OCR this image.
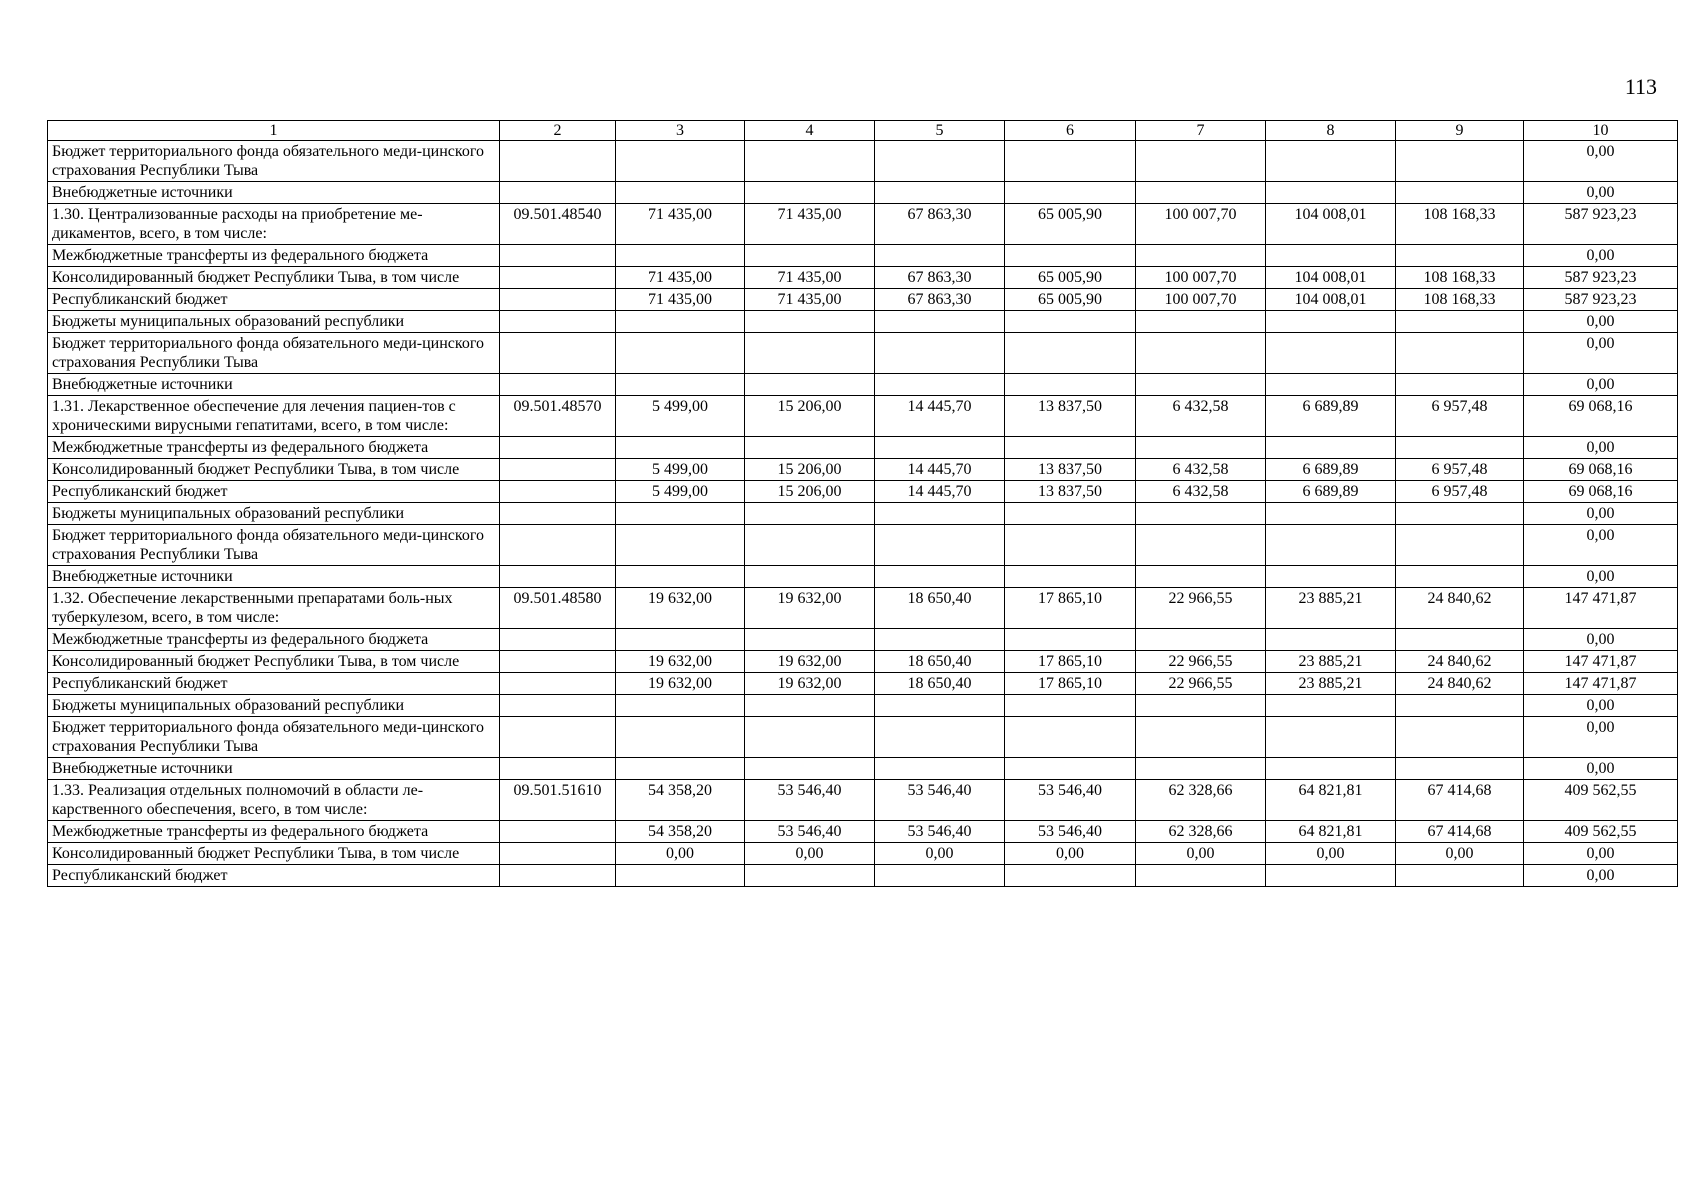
113
1	2	3	4	5	6	7	8	9	10
Бюджет территориального фонда обязательного меди-цинского страхования Республики Тыва									0,00
Внебюджетные источники									0,00
1.30. Централизованные расходы на приобретение ме-дикаментов, всего, в том числе:	09.501.48540	71 435,00	71 435,00	67 863,30	65 005,90	100 007,70	104 008,01	108 168,33	587 923,23
Межбюджетные трансферты из федерального бюджета									0,00
Консолидированный бюджет Республики Тыва, в том числе		71 435,00	71 435,00	67 863,30	65 005,90	100 007,70	104 008,01	108 168,33	587 923,23
Республиканский бюджет		71 435,00	71 435,00	67 863,30	65 005,90	100 007,70	104 008,01	108 168,33	587 923,23
Бюджеты муниципальных образований республики									0,00
Бюджет территориального фонда обязательного меди-цинского страхования Республики Тыва									0,00
Внебюджетные источники									0,00
1.31. Лекарственное обеспечение для лечения пациен-тов с хроническими вирусными гепатитами, всего, в том числе:	09.501.48570	5 499,00	15 206,00	14 445,70	13 837,50	6 432,58	6 689,89	6 957,48	69 068,16
Межбюджетные трансферты из федерального бюджета									0,00
Консолидированный бюджет Республики Тыва, в том числе		5 499,00	15 206,00	14 445,70	13 837,50	6 432,58	6 689,89	6 957,48	69 068,16
Республиканский бюджет		5 499,00	15 206,00	14 445,70	13 837,50	6 432,58	6 689,89	6 957,48	69 068,16
Бюджеты муниципальных образований республики									0,00
Бюджет территориального фонда обязательного меди-цинского страхования Республики Тыва									0,00
Внебюджетные источники									0,00
1.32. Обеспечение лекарственными препаратами боль-ных туберкулезом, всего, в том числе:	09.501.48580	19 632,00	19 632,00	18 650,40	17 865,10	22 966,55	23 885,21	24 840,62	147 471,87
Межбюджетные трансферты из федерального бюджета									0,00
Консолидированный бюджет Республики Тыва, в том числе		19 632,00	19 632,00	18 650,40	17 865,10	22 966,55	23 885,21	24 840,62	147 471,87
Республиканский бюджет		19 632,00	19 632,00	18 650,40	17 865,10	22 966,55	23 885,21	24 840,62	147 471,87
Бюджеты муниципальных образований республики									0,00
Бюджет территориального фонда обязательного меди-цинского страхования Республики Тыва									0,00
Внебюджетные источники									0,00
1.33. Реализация отдельных полномочий в области ле-карственного обеспечения, всего, в том числе:	09.501.51610	54 358,20	53 546,40	53 546,40	53 546,40	62 328,66	64 821,81	67 414,68	409 562,55
Межбюджетные трансферты из федерального бюджета		54 358,20	53 546,40	53 546,40	53 546,40	62 328,66	64 821,81	67 414,68	409 562,55
Консолидированный бюджет Республики Тыва, в том числе		0,00	0,00	0,00	0,00	0,00	0,00	0,00	0,00
Республиканский бюджет									0,00
